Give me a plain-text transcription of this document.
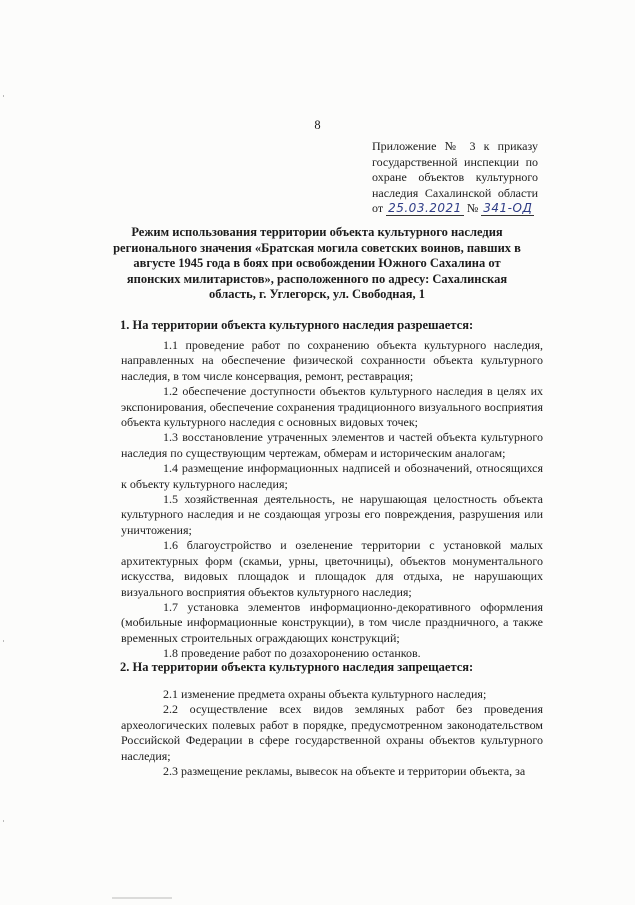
8
Приложение № 3 к приказу
государственной инспекции по
охране объектов культурного
наследия Сахалинской области
от 25.03.2021 № 341-ОД
Режим использования территории объекта культурного наследия регионального значения «Братская могила советских воинов, павших в августе 1945 года в боях при освобождении Южного Сахалина от японских милитаристов», расположенного по адресу: Сахалинская область, г. Углегорск, ул. Свободная, 1
1. На территории объекта культурного наследия разрешается:

1.1 проведение работ по сохранению объекта культурного наследия, направленных на обеспечение физической сохранности объекта культурного наследия, в том числе консервация, ремонт, реставрация;

1.2 обеспечение доступности объектов культурного наследия в целях их экспонирования, обеспечение сохранения традиционного визуального восприятия объекта культурного наследия с основных видовых точек;

1.3 восстановление утраченных элементов и частей объекта культурного наследия по существующим чертежам, обмерам и историческим аналогам;

1.4 размещение информационных надписей и обозначений, относящихся к объекту культурного наследия;

1.5 хозяйственная деятельность, не нарушающая целостность объекта культурного наследия и не создающая угрозы его повреждения, разрушения или уничтожения;

1.6 благоустройство и озеленение территории с установкой малых архитектурных форм (скамьи, урны, цветочницы), объектов монументального искусства, видовых площадок и площадок для отдыха, не нарушающих визуального восприятия объектов культурного наследия;

1.7 установка элементов информационно-декоративного оформления (мобильные информационные конструкции), в том числе праздничного, а также временных строительных ограждающих конструкций;

1.8 проведение работ по дозахоронению останков.

2. На территории объекта культурного наследия запрещается:

2.1 изменение предмета охраны объекта культурного наследия;

2.2 осуществление всех видов земляных работ без проведения археологических полевых работ в порядке, предусмотренном законодательством Российской Федерации в сфере государственной охраны объектов культурного наследия;

2.3 размещение рекламы, вывесок на объекте и территории объекта, за
